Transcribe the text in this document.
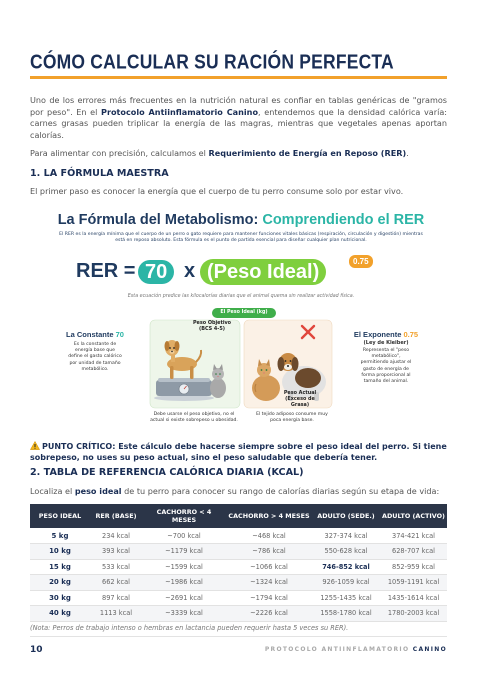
CÓMO CALCULAR SU RACIÓN PERFECTA

Uno de los errores más frecuentes en la nutrición natural es confiar en tablas genéricas de "gramos por peso". En el Protocolo Antiinflamatorio Canino, entendemos que la densidad calórica varía: carnes grasas pueden triplicar la energía de las magras, mientras que vegetales apenas aportan calorías.

Para alimentar con precisión, calculamos el Requerimiento de Energía en Reposo (RER).

1. LA FÓRMULA MAESTRA

El primer paso es conocer la energía que el cuerpo de tu perro consume solo por estar vivo.

La Fórmula del Metabolismo: Comprendiendo el RER
El RER es la energía mínima que el cuerpo de un perro o gato requiere para mantener funciones vitales básicas (respiración, circulación y digestión) mientras está en reposo absoluto. Esta fórmula es el punto de partida esencial para diseñar cualquier plan nutricional.
RER = 70 x (Peso Ideal)	0.75
Esta ecuación predice las kilocalorías diarias que el animal quema sin realizar actividad física.
El Peso Ideal (kg)
La Constante 70
Es la constante de energía base que define el gasto calórico por unidad de tamaño metabólico.
El Exponente 0.75
(Ley de Kleiber)
Representa el "peso metabólico", permitiendo ajustar el gasto de energía de forma proporcional al tamaño del animal.
Peso Objetivo (BCS 4-5)
Peso Actual (Exceso de Grasa)
Debe usarse el peso objetivo, no el actual si existe sobrepeso u obesidad.
El tejido adiposo consume muy poca energía base.
PUNTO CRÍTICO: Este cálculo debe hacerse siempre sobre el peso ideal del perro. Si tiene sobrepeso, no uses su peso actual, sino el peso saludable que debería tener.
2. TABLA DE REFERENCIA CALÓRICA DIARIA (KCAL)

Localiza el peso ideal de tu perro para conocer su rango de calorías diarias según su etapa de vida:

PESO IDEAL	RER (BASE)	CACHORRO < 4 MESES	CACHORRO > 4 MESES	ADULTO (SEDE.)	ADULTO (ACTIVO)
5 kg	234 kcal	~700 kcal	~468 kcal	327-374 kcal	374-421 kcal
10 kg	393 kcal	~1179 kcal	~786 kcal	550-628 kcal	628-707 kcal
15 kg	533 kcal	~1599 kcal	~1066 kcal	746-852 kcal	852-959 kcal
20 kg	662 kcal	~1986 kcal	~1324 kcal	926-1059 kcal	1059-1191 kcal
30 kg	897 kcal	~2691 kcal	~1794 kcal	1255-1435 kcal	1435-1614 kcal
40 kg	1113 kcal	~3339 kcal	~2226 kcal	1558-1780 kcal	1780-2003 kcal
(Nota: Perros de trabajo intenso o hembras en lactancia pueden requerir hasta 5 veces su RER).
10	PROTOCOLO ANTIINFLAMATORIO CANINO
